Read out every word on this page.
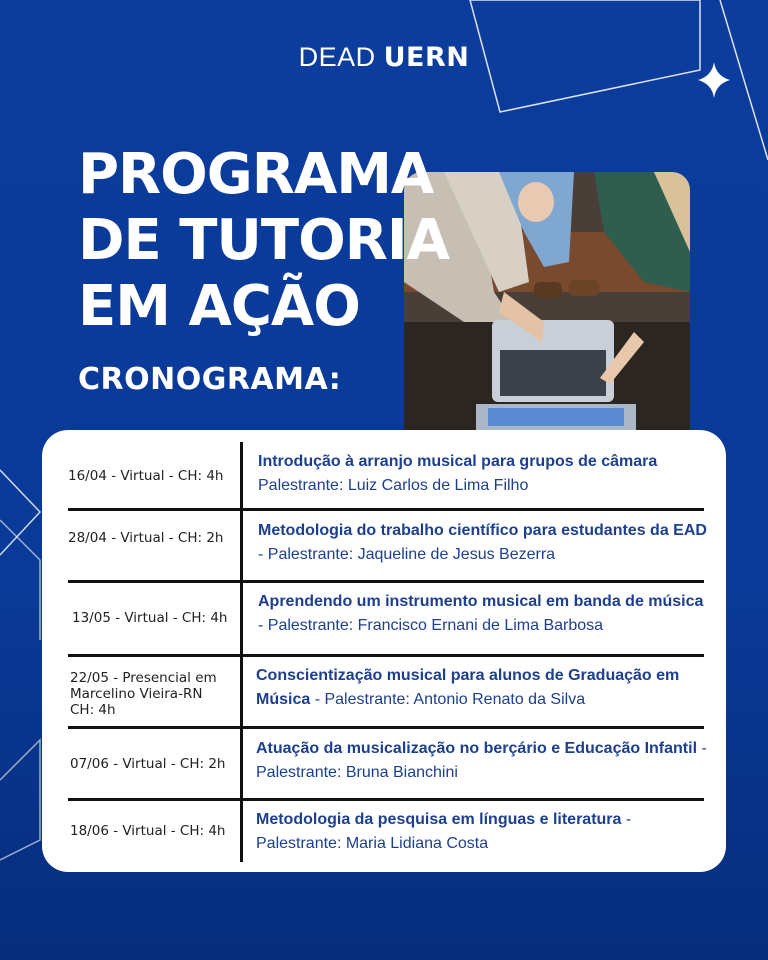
DEAD UERN
PROGRAMA
DE TUTORIA
EM AÇÃO
CRONOGRAMA:
16/04 - Virtual - CH: 4h
Introdução à arranjo musical para grupos de câmara
Palestrante: Luiz Carlos de Lima Filho
28/04 - Virtual - CH: 2h	Metodologia do trabalho científico para estudantes da EAD - Palestrante: Jaqueline de Jesus Bezerra
13/05 - Virtual - CH: 4h
Aprendendo um instrumento musical em banda de música - Palestrante: Francisco Ernani de Lima Barbosa
22/05 - Presencial em Marcelino Vieira-RN CH: 4h
Conscientização musical para alunos de Graduação em Música - Palestrante: Antonio Renato da Silva
07/06 - Virtual - CH: 2h
Atuação da musicalização no berçário e Educação Infantil - Palestrante: Bruna Bianchini
18/06 - Virtual - CH: 4h
Metodologia da pesquisa em línguas e literatura - Palestrante: Maria Lidiana Costa
